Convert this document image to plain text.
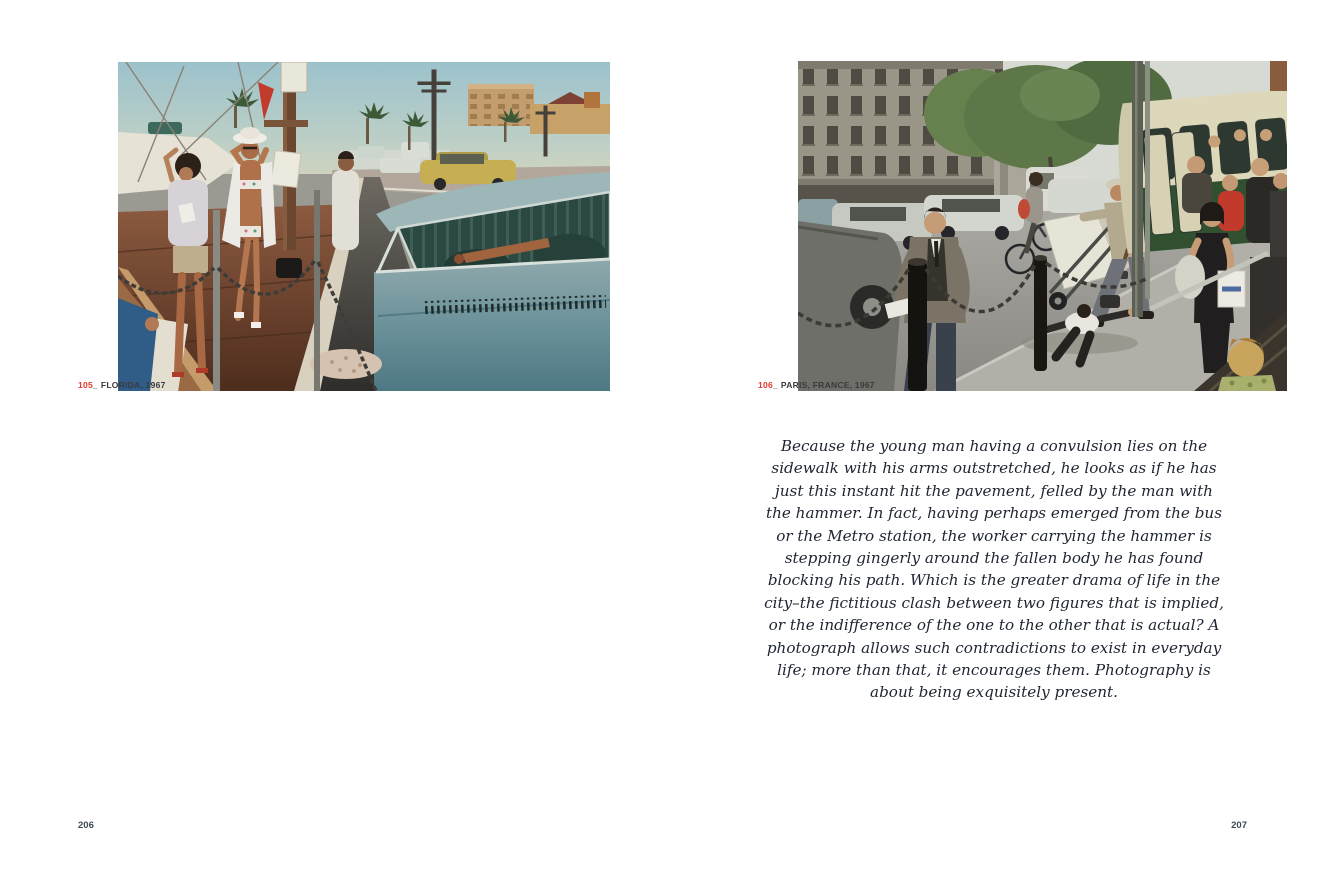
105_ FLORIDA, 1967

206

106_ PARIS, FRANCE, 1967

Because the young man having a convulsion lies on the sidewalk with his arms outstretched, he looks as if he has just this instant hit the pavement, felled by the man with the hammer. In fact, having perhaps emerged from the bus or the Metro station, the worker carrying the hammer is stepping gingerly around the fallen body he has found blocking his path. Which is the greater drama of life in the city–the fictitious clash between two figures that is implied, or the indifference of the one to the other that is actual? A photograph allows such contradictions to exist in everyday life; more than that, it encourages them. Photography is about being exquisitely present.

207
